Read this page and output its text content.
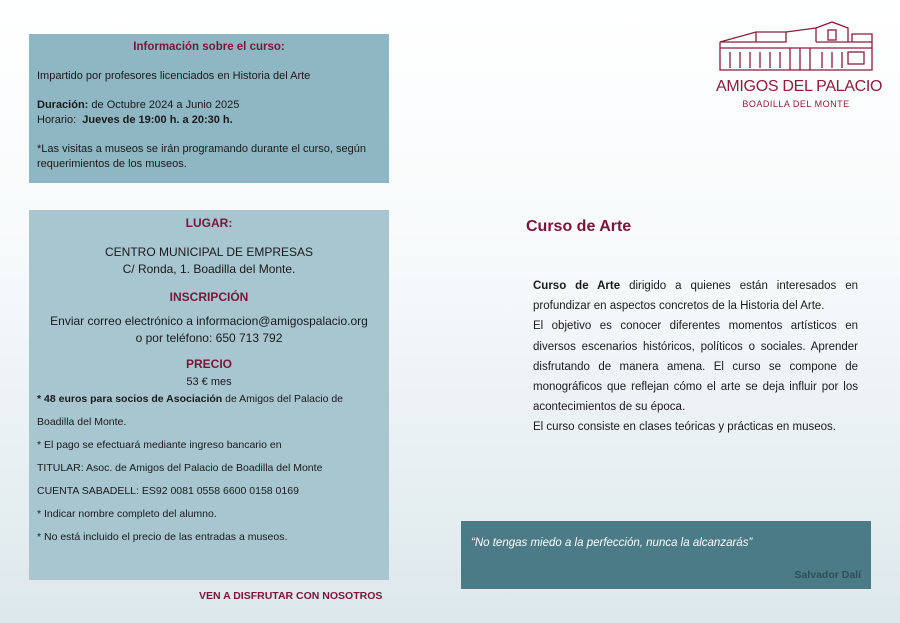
Información sobre el curso:

Impartido por profesores licenciados en Historia del Arte

Duración: de Octubre 2024 a Junio 2025

Horario: Jueves de 19:00 h. a 20:30 h.

*Las visitas a museos se irán programando durante el curso, según requerimientos de los museos.

LUGAR:
CENTRO MUNICIPAL DE EMPRESAS
C/ Ronda, 1. Boadilla del Monte.
INSCRIPCIÓN
Enviar correo electrónico a informacion@amigospalacio.org
o por teléfono: 650 713 792
PRECIO
53 € mes

* 48 euros para socios de Asociación de Amigos del Palacio de

Boadilla del Monte.

* El pago se efectuará mediante ingreso bancario en

TITULAR: Asoc. de Amigos del Palacio de Boadilla del Monte

CUENTA SABADELL: ES92 0081 0558 6600 0158 0169

* Indicar nombre completo del alumno.

* No está incluido el precio de las entradas a museos.

VEN A DISFRUTAR CON NOSOTROS
AMIGOS DEL PALACIO
BOADILLA DEL MONTE
Curso de Arte

Curso de Arte dirigido a quienes están interesados en profundizar en aspectos concretos de la Historia del Arte.

El objetivo es conocer diferentes momentos artísticos en diversos escenarios históricos, políticos o sociales. Aprender disfrutando de manera amena. El curso se compone de monográficos que reflejan cómo el arte se deja influir por los acontecimientos de su época.

El curso consiste en clases teóricas y prácticas en museos.

“No tengas miedo a la perfección, nunca la alcanzarás”
Salvador Dalí
